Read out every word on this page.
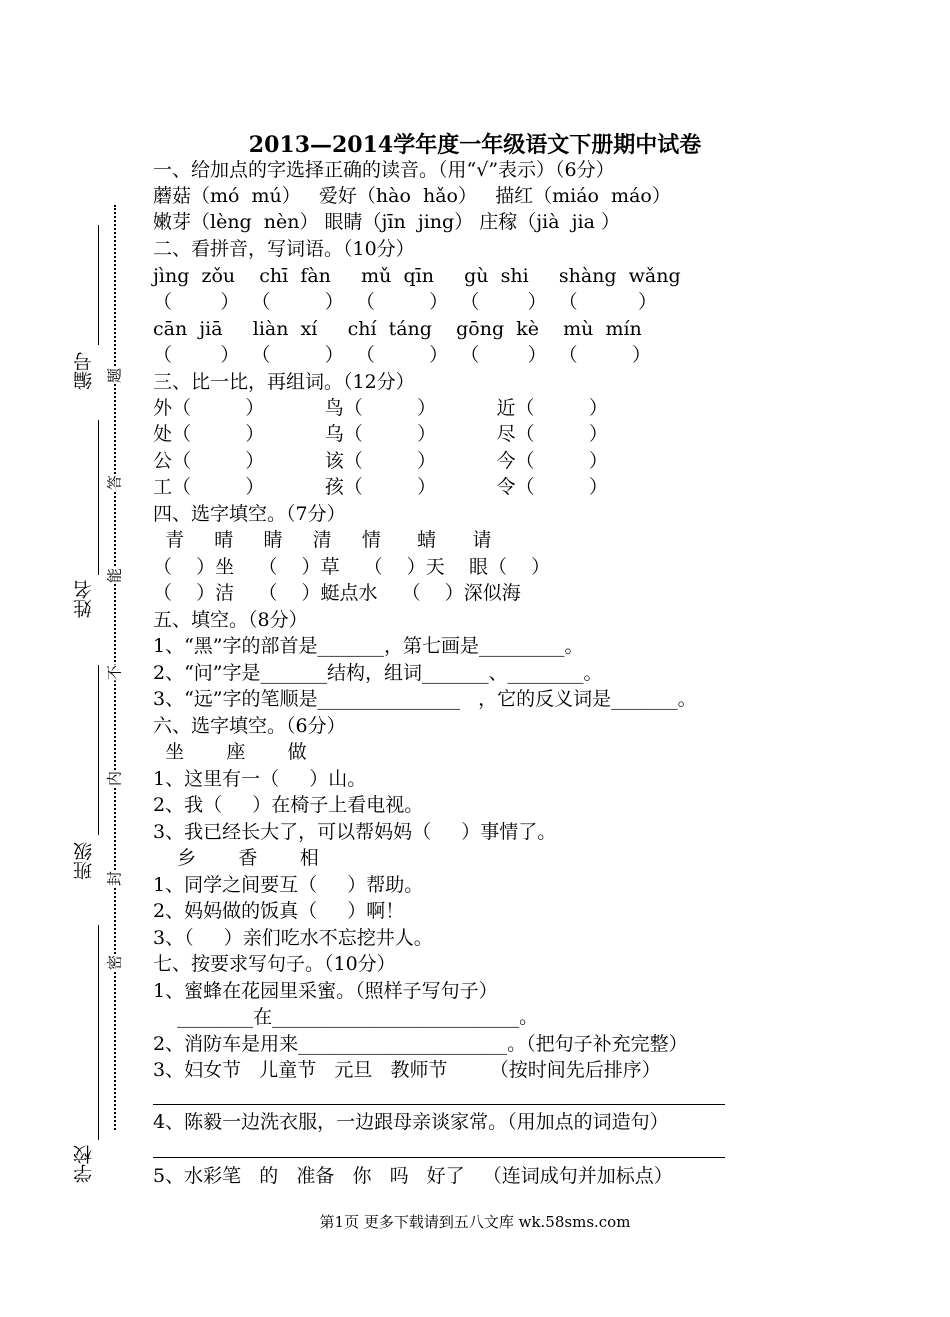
2013—2014学年度一年级语文下册期中试卷
学校
班级
姓名
编号
密
封
内
不
能
答
题
一、给加点的字选择正确的读音。（用“√”表示）（6分）
蘑菇（mó  mú）   爱好（hào  hǎo）   描红（miáo  máo）
嫩芽（lèng  nèn） 眼睛（jīn  jing） 庄稼（jià  jia ）
二、看拼音，写词语。（10分）
jìng  zǒu    chī  fàn     mǔ  qīn     gù  shi     shàng  wǎng
（        ）  （         ）  （         ）  （        ）  （          ）
cān  jiā     liàn  xí     chí  táng    gōng  kè    mù  mín
（        ）  （         ）  （         ）  （        ）  （         ）
三、比一比，再组词。（12分）
外（         ）          鸟（         ）          近（         ）
处（         ）          乌（         ）          尽（         ）
公（         ）          该（         ）          今（         ）
工（         ）          孩（         ）          令（         ）
四、选字填空。（7分）
青     晴     睛     清     情      蜻      请
（    ）坐    （    ）草    （    ）天    眼（    ）
（    ）洁    （    ）蜓点水    （    ）深似海
五、填空。（8分）
1、“黑”字的部首是_______，第七画是_________。
2、“问”字是_______结构，组词_______、________。
3、“远”字的笔顺是_______________   ，它的反义词是_______。
六、选字填空。（6分）
坐       座       做
1、这里有一（     ）山。
2、我（     ）在椅子上看电视。
3、我已经长大了，可以帮妈妈（     ）事情了。
乡       香       相
1、同学之间要互（     ）帮助。
2、妈妈做的饭真（     ）啊！
3、（     ）亲们吃水不忘挖井人。
七、按要求写句子。（10分）
1、蜜蜂在花园里采蜜。（照样子写句子）
________在__________________________。
2、消防车是用来______________________。（把句子补充完整）
3、妇女节   儿童节   元旦   教师节       （按时间先后排序）
4、陈毅一边洗衣服，一边跟母亲谈家常。（用加点的词造句）
5、水彩笔   的   准备   你   吗   好了   （连词成句并加标点）
第1页 更多下载请到五八文库 wk.58sms.com
